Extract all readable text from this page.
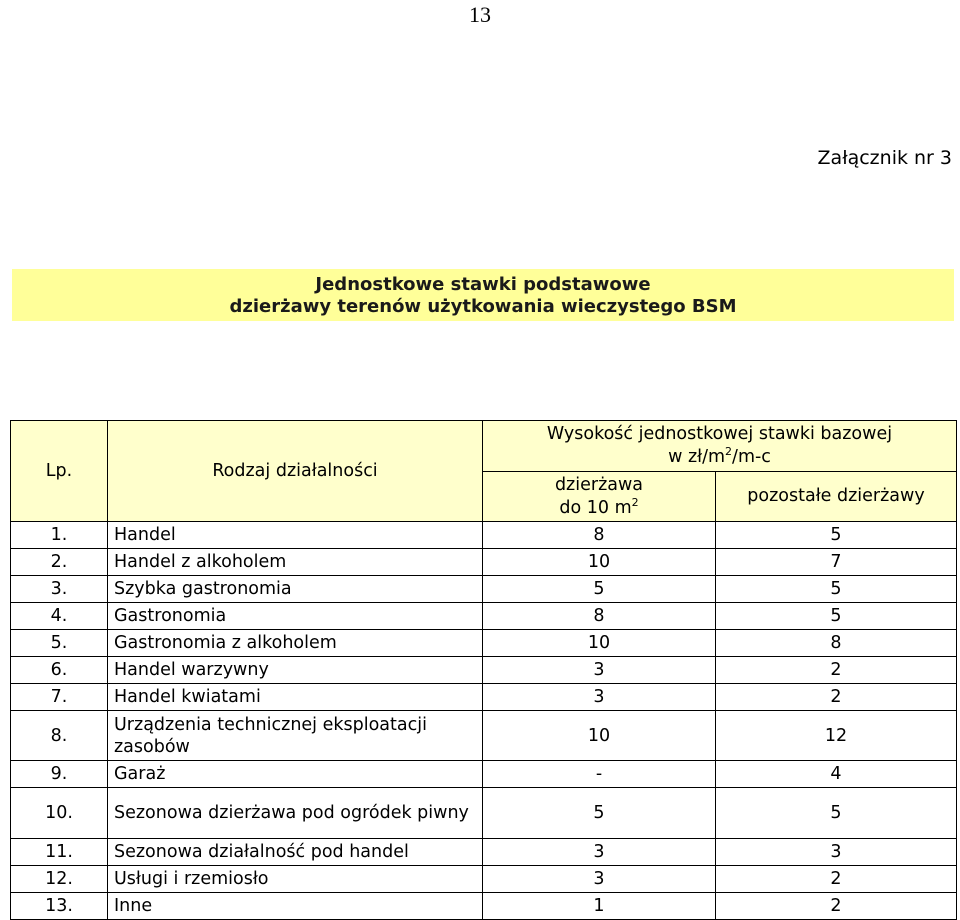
13
Załącznik nr 3
Jednostkowe stawki podstawowe
dzierżawy terenów użytkowania wieczystego BSM
Lp.	Rodzaj działalności	Wysokość jednostkowej stawki bazowej
w $zł/m^2/m-c$	

		dzierżawa
do 10 $m^2$	pozostałe dzierżawy
1.	Handel	8	5
2.	Handel z alkoholem	10	7
3.	Szybka gastronomia	5	5
4.	Gastronomia	8	5
5.	Gastronomia z alkoholem	10	8
6.	Handel warzywny	3	2
7.	Handel kwiatami	3	2
8.	Urządzenia technicznej eksploatacji zasobów	10	12
9.	Garaż	-	4
10.	Sezonowa dzierżawa pod ogródek piwny	5	5
11.	Sezonowa działalność pod handel	3	3
12.	Usługi i rzemiosło	3	2
13.	Inne	1	2
